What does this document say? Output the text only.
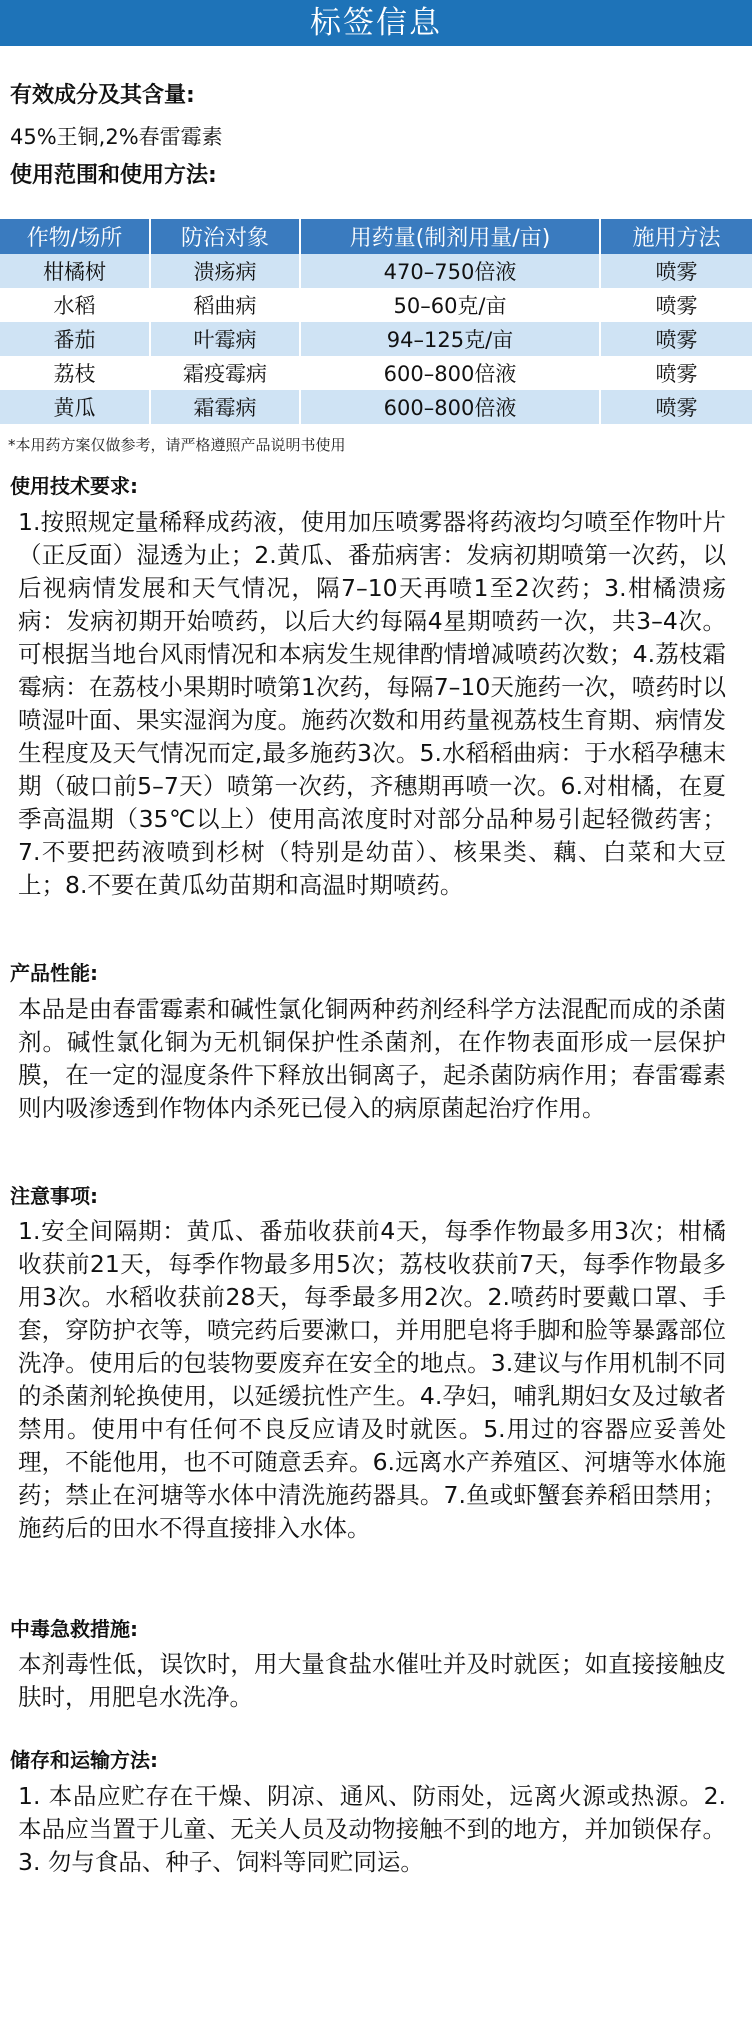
标签信息
有效成分及其含量:
45%王铜,2%春雷霉素
使用范围和使用方法:
作物/场所	防治对象	用药量(制剂用量/亩)	施用方法
柑橘树	溃疡病	470–750倍液	喷雾
水稻	稻曲病	50–60克/亩	喷雾
番茄	叶霉病	94–125克/亩	喷雾
荔枝	霜疫霉病	600–800倍液	喷雾
黄瓜	霜霉病	600–800倍液	喷雾
*本用药方案仅做参考，请严格遵照产品说明书使用
使用技术要求:
1.按照规定量稀释成药液，使用加压喷雾器将药液均匀喷至作物叶片（正反面）湿透为止；2.黄瓜、番茄病害：发病初期喷第一次药，以后视病情发展和天气情况，隔7–10天再喷1至2次药；3.柑橘溃疡病：发病初期开始喷药，以后大约每隔4星期喷药一次，共3–4次。可根据当地台风雨情况和本病发生规律酌情增减喷药次数；4.荔枝霜霉病：在荔枝小果期时喷第1次药，每隔7–10天施药一次，喷药时以喷湿叶面、果实湿润为度。施药次数和用药量视荔枝生育期、病情发生程度及天气情况而定,最多施药3次。5.水稻稻曲病：于水稻孕穗末期（破口前5–7天）喷第一次药，齐穗期再喷一次。6.对柑橘，在夏季高温期（35℃以上）使用高浓度时对部分品种易引起轻微药害；7.不要把药液喷到杉树（特别是幼苗）、核果类、藕、白菜和大豆上；8.不要在黄瓜幼苗期和高温时期喷药。
产品性能:
本品是由春雷霉素和碱性氯化铜两种药剂经科学方法混配而成的杀菌剂。碱性氯化铜为无机铜保护性杀菌剂，在作物表面形成一层保护膜，在一定的湿度条件下释放出铜离子，起杀菌防病作用；春雷霉素则内吸渗透到作物体内杀死已侵入的病原菌起治疗作用。
注意事项:
1.安全间隔期：黄瓜、番茄收获前4天，每季作物最多用3次；柑橘收获前21天，每季作物最多用5次；荔枝收获前7天，每季作物最多用3次。水稻收获前28天，每季最多用2次。2.喷药时要戴口罩、手套，穿防护衣等，喷完药后要漱口，并用肥皂将手脚和脸等暴露部位洗净。使用后的包装物要废弃在安全的地点。3.建议与作用机制不同的杀菌剂轮换使用，以延缓抗性产生。4.孕妇，哺乳期妇女及过敏者禁用。使用中有任何不良反应请及时就医。5.用过的容器应妥善处理，不能他用，也不可随意丢弃。6.远离水产养殖区、河塘等水体施药；禁止在河塘等水体中清洗施药器具。7.鱼或虾蟹套养稻田禁用；施药后的田水不得直接排入水体。
中毒急救措施:
本剂毒性低，误饮时，用大量食盐水催吐并及时就医；如直接接触皮肤时，用肥皂水洗净。
储存和运输方法:
1. 本品应贮存在干燥、阴凉、通风、防雨处，远离火源或热源。2. 本品应当置于儿童、无关人员及动物接触不到的地方，并加锁保存。3. 勿与食品、种子、饲料等同贮同运。
